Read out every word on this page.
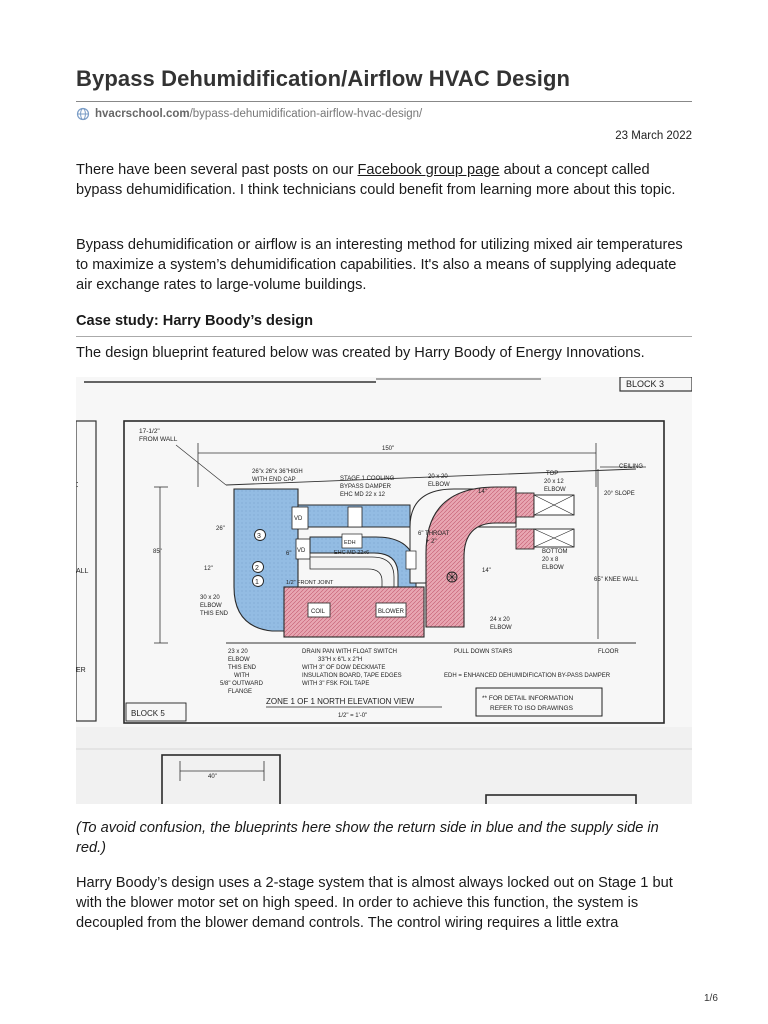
Bypass Dehumidification/Airflow HVAC Design
hvacrschool.com /bypass-dehumidification-airflow-hvac-design/
23 March 2022

There have been several past posts on our Facebook group page about a concept called bypass dehumidification. I think technicians could benefit from learning more about this topic.

Bypass dehumidification or airflow is an interesting method for utilizing mixed air temperatures to maximize a system’s dehumidification capabilities. It's also a means of supplying adequate air exchange rates to large-volume buildings.

Case study: Harry Boody’s design

The design blueprint featured below was created by Harry Boody of Energy Innovations.

BLOCK 3
:
ALL
ER
150"
17-1/2"
FROM WALL
85"
26"
12"
CEILING
20° SLOPE
65" KNEE WALL
3
2
1
VD
VD
EDH
EHC MD 22x6
6"
1/2" FRONT JOINT
14"
14"
COIL	BLOWER
FLOOR
PULL DOWN STAIRS
26"x 26"x 36"HIGH
WITH END CAP	STAGE 1 COOLING
BYPASS DAMPER
EHC MD 22 x 12
20 x 20
ELBOW
TOP
20 x 12
ELBOW
6" THROAT
+ 2"
BOTTOM
20 x 8
ELBOW
30 x 20
ELBOW
THIS END
24 x 20
ELBOW
23 x 20
ELBOW
THIS END
WITH
5/8" OUTWARD
FLANGE
DRAIN PAN WITH FLOAT SWITCH
33"H x 6"L x 2"H
WITH 3" OF DOW DECKMATE
INSULATION BOARD, TAPE EDGES
WITH 3" FSK FOIL TAPE
EDH = ENHANCED DEHUMIDIFICATION BY-PASS DAMPER
** FOR DETAIL INFORMATION
REFER TO ISO DRAWINGS
ZONE 1 OF 1 NORTH ELEVATION VIEW
1/2" = 1'-0"
BLOCK 5
40"

(To avoid confusion, the blueprints here show the return side in blue and the supply side in red.)

Harry Boody’s design uses a 2-stage system that is almost always locked out on Stage 1 but with the blower motor set on high speed. In order to achieve this function, the system is decoupled from the blower demand controls. The control wiring requires a little extra

1/6
